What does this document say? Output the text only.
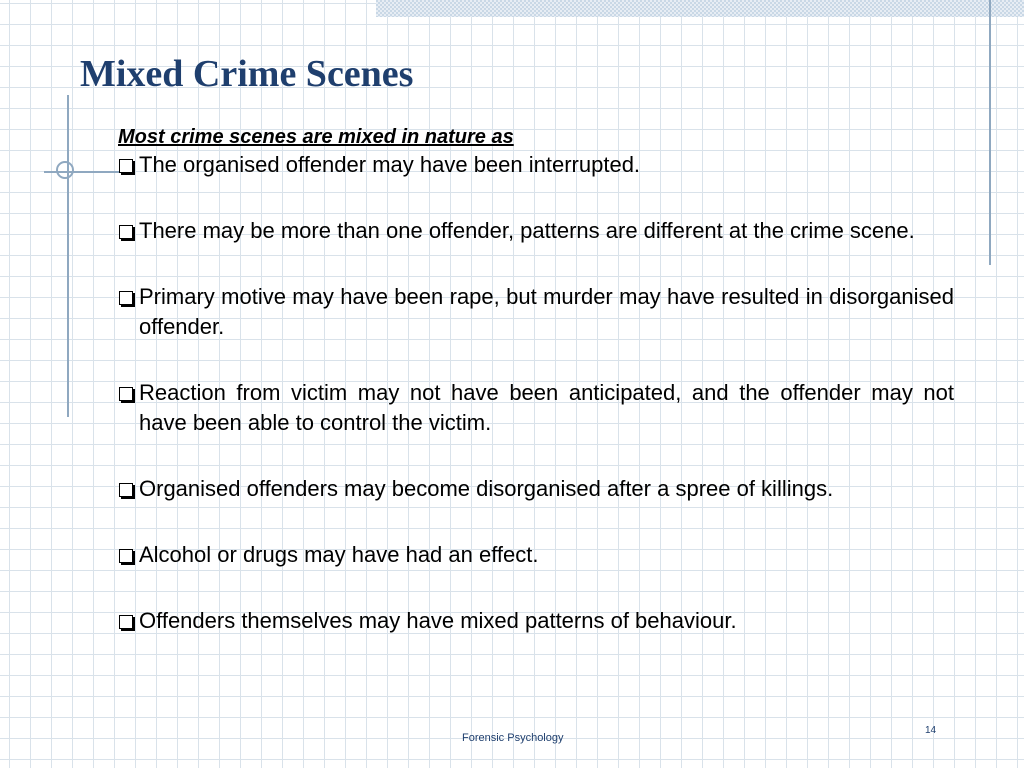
Mixed Crime Scenes

Most crime scenes are mixed in nature as

The organised offender may have been interrupted.
There may be more than one offender, patterns are different at the crime scene.
Primary motive may have been rape, but murder may have resulted in disorganised offender.
Reaction from victim may not have been anticipated, and the offender may not have been able to control the victim.
Organised offenders may become disorganised after a spree of killings.
Alcohol or drugs may have had an effect.
Offenders themselves may have mixed patterns of behaviour.
Forensic Psychology
14
